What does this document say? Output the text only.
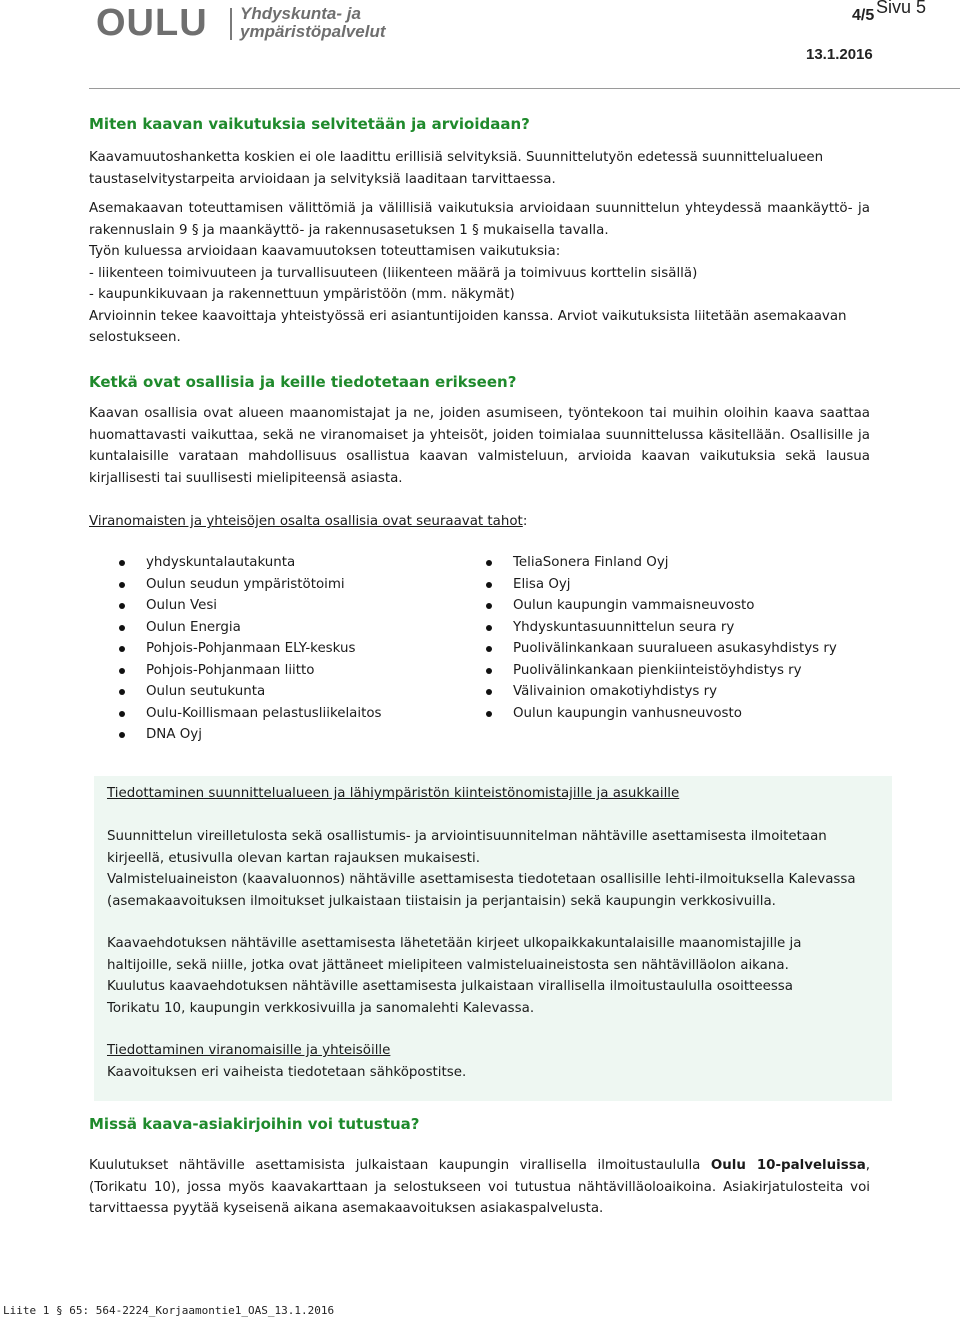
OULU Yhdyskunta- ja
ympäristöpalvelut
4/5 Sivu 5
13.1.2016
Miten kaavan vaikutuksia selvitetään ja arvioidaan?

Kaavamuutoshanketta koskien ei ole laadittu erillisiä selvityksiä. Suunnittelutyön edetessä suunnittelualueen taustaselvitystarpeita arvioidaan ja selvityksiä laaditaan tarvittaessa.

Asemakaavan toteuttamisen välittömiä ja välillisiä vaikutuksia arvioidaan suunnittelun yhteydessä maankäyttö- ja rakennuslain 9 § ja maankäyttö- ja rakennusasetuksen 1 § mukaisella tavalla.

Työn kuluessa arvioidaan kaavamuutoksen toteuttamisen vaikutuksia:

- liikenteen toimivuuteen ja turvallisuuteen (liikenteen määrä ja toimivuus korttelin sisällä)

- kaupunkikuvaan ja rakennettuun ympäristöön (mm. näkymät)

Arvioinnin tekee kaavoittaja yhteistyössä eri asiantuntijoiden kanssa. Arviot vaikutuksista liitetään asemakaavan selostukseen.

Ketkä ovat osallisia ja keille tiedotetaan erikseen?

Kaavan osallisia ovat alueen maanomistajat ja ne, joiden asumiseen, työntekoon tai muihin oloihin kaava saattaa huomattavasti vaikuttaa, sekä ne viranomaiset ja yhteisöt, joiden toimialaa suunnittelussa käsitellään. Osallisille ja kuntalaisille varataan mahdollisuus osallistua kaavan valmisteluun, arvioida kaavan vaikutuksia sekä lausua kirjallisesti tai suullisesti mielipiteensä asiasta.

Viranomaisten ja yhteisöjen osalta osallisia ovat seuraavat tahot:
yhdyskuntalautakunta
Oulun seudun ympäristötoimi
Oulun Vesi
Oulun Energia
Pohjois-Pohjanmaan ELY-keskus
Pohjois-Pohjanmaan liitto
Oulun seutukunta
Oulu-Koillismaan pelastusliikelaitos
DNA Oyj
TeliaSonera Finland Oyj
Elisa Oyj
Oulun kaupungin vammaisneuvosto
Yhdyskuntasuunnittelun seura ry
Puolivälinkankaan suuralueen asukasyhdistys ry
Puolivälinkankaan pienkiinteistöyhdistys ry
Välivainion omakotiyhdistys ry
Oulun kaupungin vanhusneuvosto
Tiedottaminen suunnittelualueen ja lähiympäristön kiinteistönomistajille ja asukkaille

Suunnittelun vireilletulosta sekä osallistumis- ja arviointisuunnitelman nähtäville asettamisesta ilmoitetaan kirjeellä, etusivulla olevan kartan rajauksen mukaisesti.

Valmisteluaineiston (kaavaluonnos) nähtäville asettamisesta tiedotetaan osallisille lehti-ilmoituksella Kalevassa (asemakaavoituksen ilmoitukset julkaistaan tiistaisin ja perjantaisin) sekä kaupungin verkkosivuilla.

Kaavaehdotuksen nähtäville asettamisesta lähetetään kirjeet ulkopaikkakuntalaisille maanomistajille ja haltijoille, sekä niille, jotka ovat jättäneet mielipiteen valmisteluaineistosta sen nähtävilläolon aikana.

Kuulutus kaavaehdotuksen nähtäville asettamisesta julkaistaan virallisella ilmoitustaululla osoitteessa Torikatu 10, kaupungin verkkosivuilla ja sanomalehti Kalevassa.

Tiedottaminen viranomaisille ja yhteisöille

Kaavoituksen eri vaiheista tiedotetaan sähköpostitse.

Missä kaava-asiakirjoihin voi tutustua?

Kuulutukset nähtäville asettamisista julkaistaan kaupungin virallisella ilmoitustaululla Oulu 10-palveluissa, (Torikatu 10), jossa myös kaavakarttaan ja selostukseen voi tutustua nähtävilläoloaikoina. Asiakirjatulosteita voi tarvittaessa pyytää kyseisenä aikana asemakaavoituksen asiakaspalvelusta.

Liite 1 § 65: 564-2224_Korjaamontie1_OAS_13.1.2016
